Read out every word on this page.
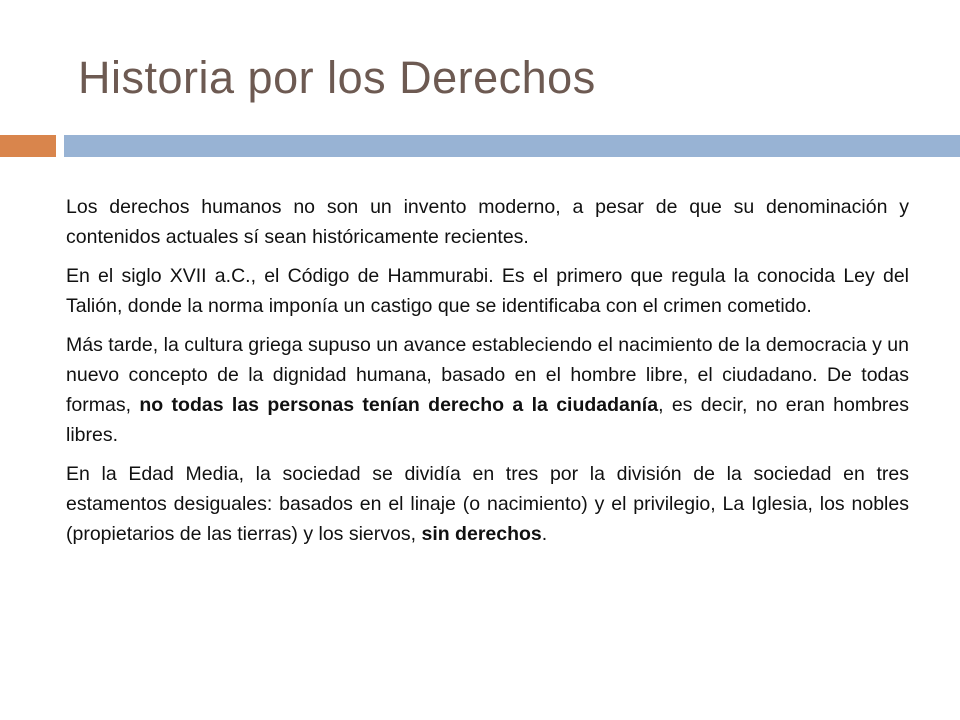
Historia por los Derechos

Los derechos humanos no son un invento moderno, a pesar de que su denominación y contenidos actuales sí sean históricamente recientes.

En el siglo XVII a.C., el Código de Hammurabi. Es el primero que regula la conocida Ley del Talión, donde la norma imponía un castigo que se identificaba con el crimen cometido.

Más tarde, la cultura griega supuso un avance estableciendo el nacimiento de la democracia y un nuevo concepto de la dignidad humana, basado en el hombre libre, el ciudadano. De todas formas, no todas las personas tenían derecho a la ciudadanía, es decir, no eran hombres libres.

En la Edad Media, la sociedad se dividía en tres por la división de la sociedad en tres estamentos desiguales: basados en el linaje (o nacimiento) y el privilegio, La Iglesia, los nobles (propietarios de las tierras) y los siervos, sin derechos.
